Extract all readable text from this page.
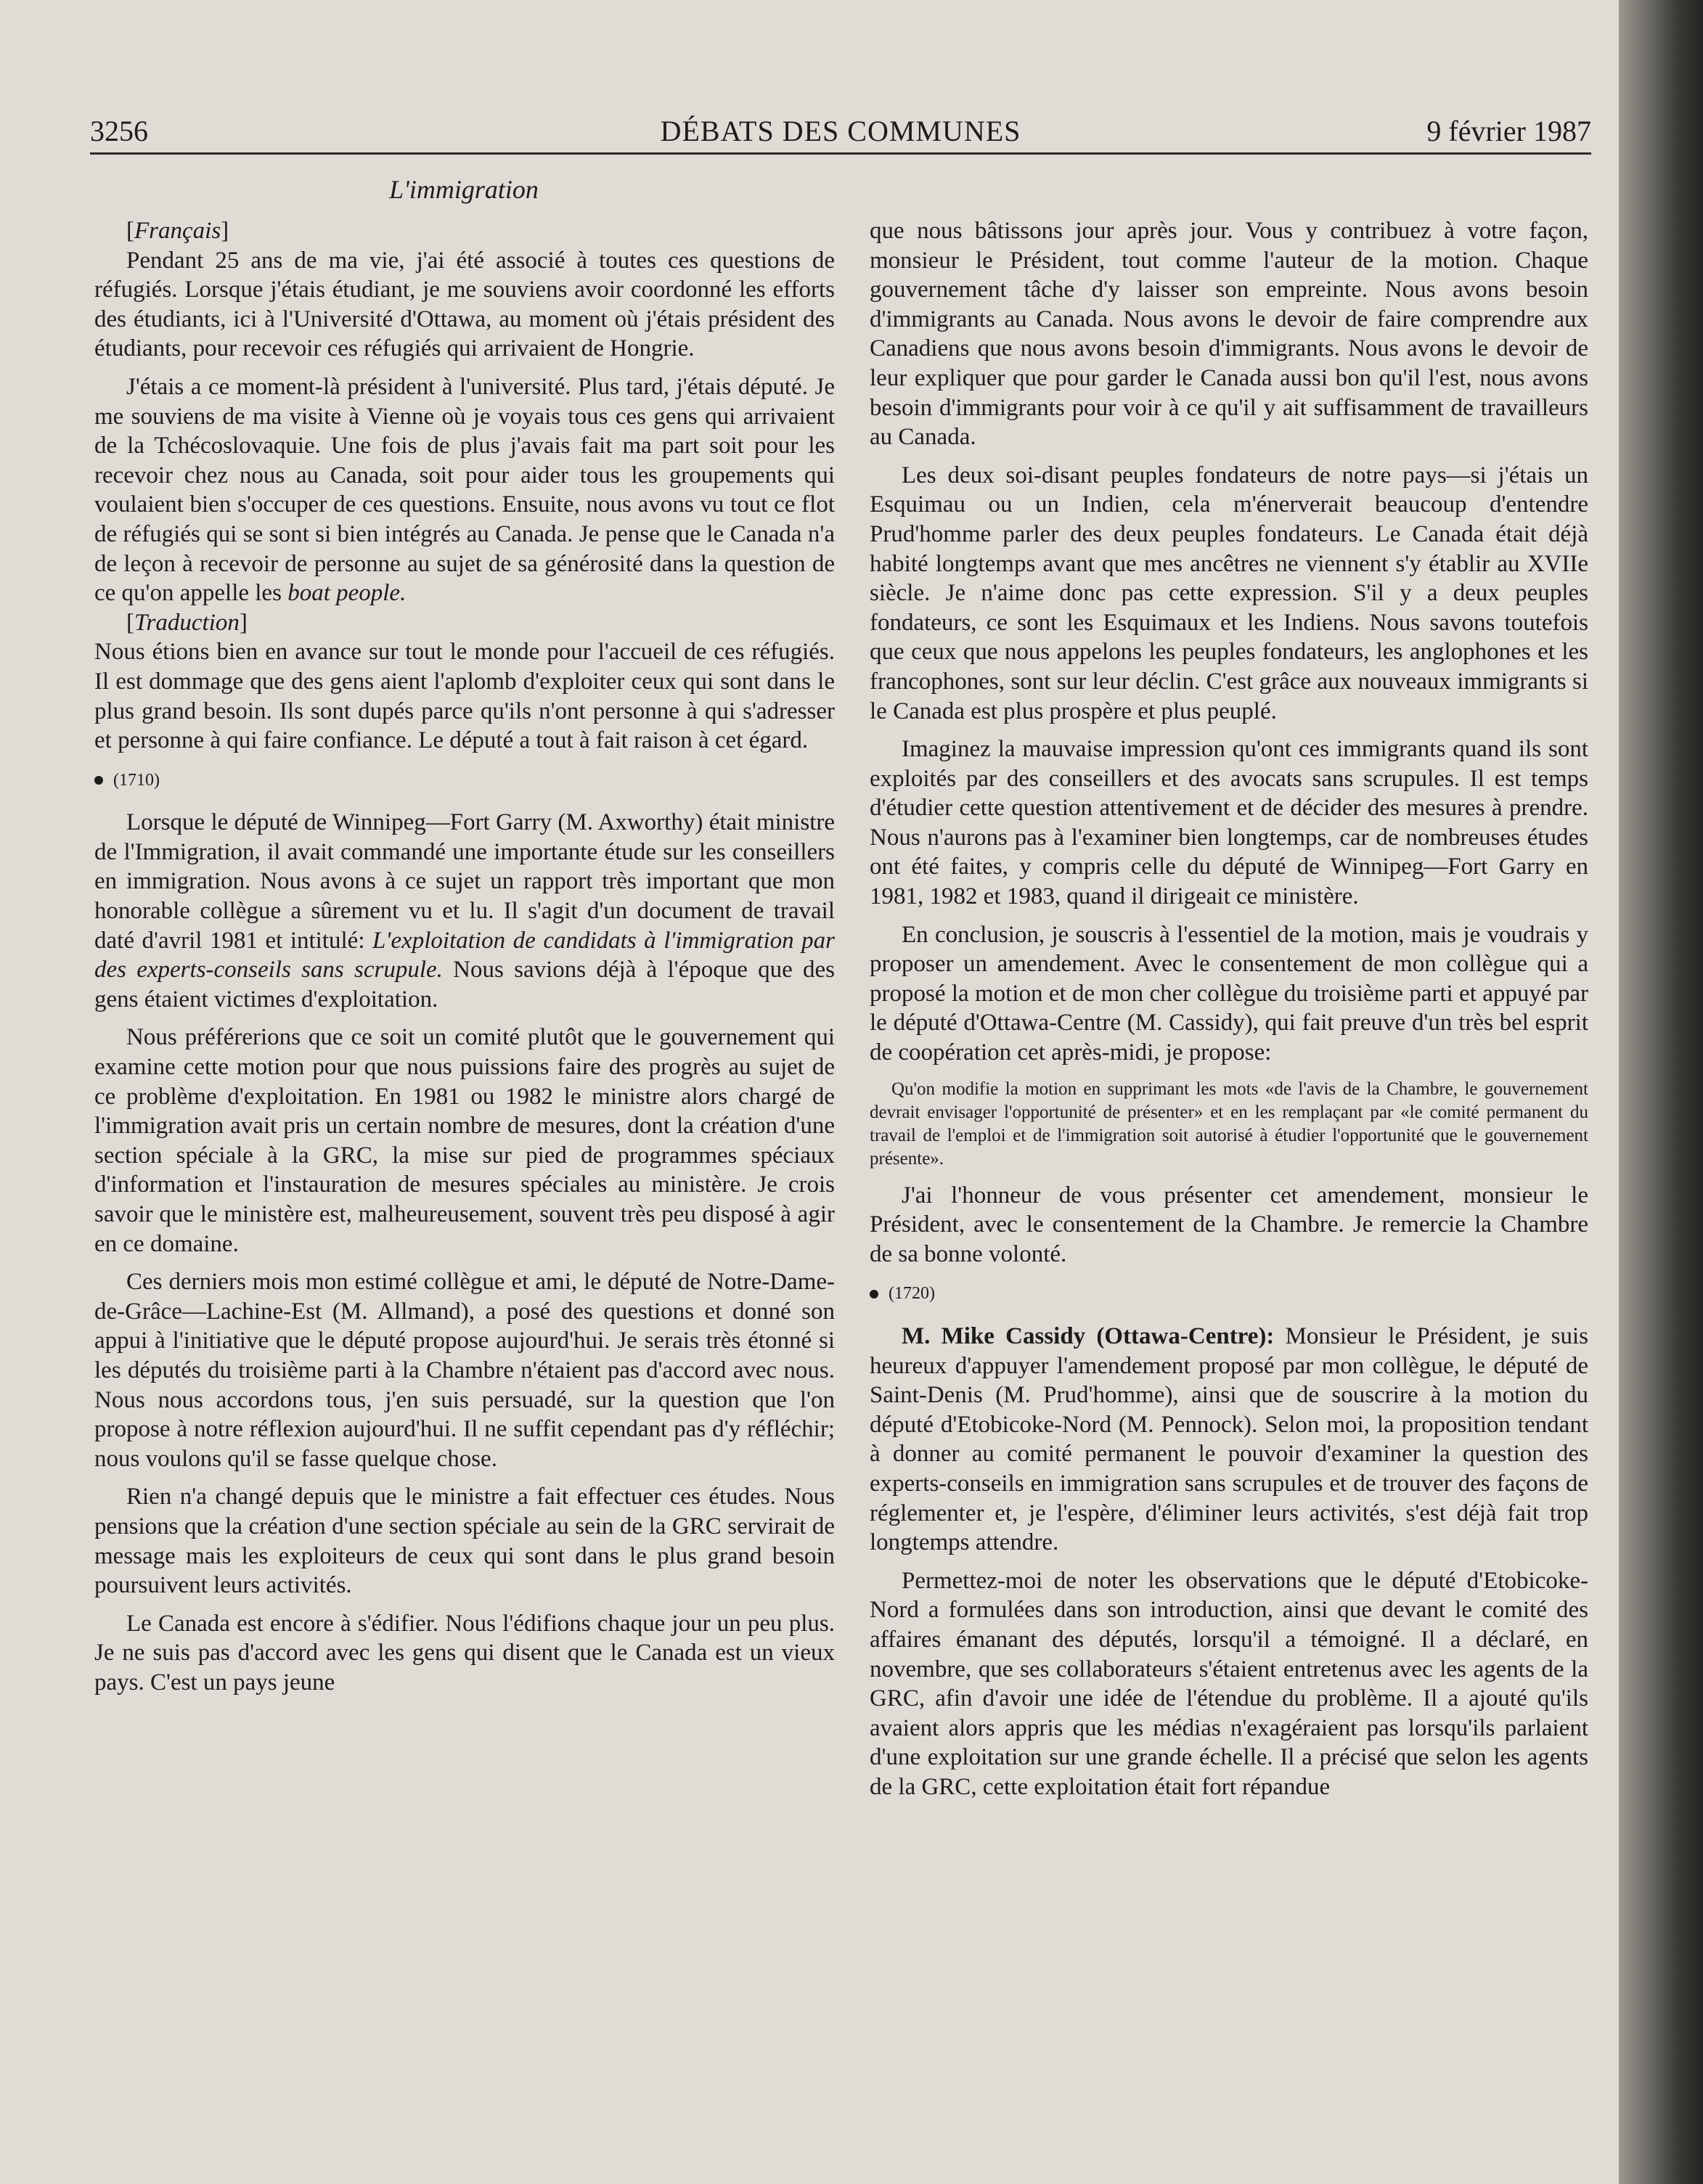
3256	DÉBATS DES COMMUNES	9 février 1987
L'immigration

[Français]

Pendant 25 ans de ma vie, j'ai été associé à toutes ces questions de réfugiés. Lorsque j'étais étudiant, je me souviens avoir coordonné les efforts des étudiants, ici à l'Université d'Ottawa, au moment où j'étais président des étudiants, pour recevoir ces réfugiés qui arrivaient de Hongrie.

J'étais a ce moment-là président à l'université. Plus tard, j'étais député. Je me souviens de ma visite à Vienne où je voyais tous ces gens qui arrivaient de la Tchécoslovaquie. Une fois de plus j'avais fait ma part soit pour les recevoir chez nous au Canada, soit pour aider tous les groupements qui voulaient bien s'occuper de ces questions. Ensuite, nous avons vu tout ce flot de réfugiés qui se sont si bien intégrés au Canada. Je pense que le Canada n'a de leçon à recevoir de personne au sujet de sa générosité dans la question de ce qu'on appelle les boat people.

[Traduction]

Nous étions bien en avance sur tout le monde pour l'accueil de ces réfugiés. Il est dommage que des gens aient l'aplomb d'exploiter ceux qui sont dans le plus grand besoin. Ils sont dupés parce qu'ils n'ont personne à qui s'adresser et personne à qui faire confiance. Le député a tout à fait raison à cet égard.

(1710)

Lorsque le député de Winnipeg—Fort Garry (M. Axworthy) était ministre de l'Immigration, il avait commandé une importante étude sur les conseillers en immigration. Nous avons à ce sujet un rapport très important que mon honorable collègue a sûrement vu et lu. Il s'agit d'un document de travail daté d'avril 1981 et intitulé: L'exploitation de candidats à l'immigration par des experts-conseils sans scrupule. Nous savions déjà à l'époque que des gens étaient victimes d'exploitation.

Nous préférerions que ce soit un comité plutôt que le gouvernement qui examine cette motion pour que nous puissions faire des progrès au sujet de ce problème d'exploitation. En 1981 ou 1982 le ministre alors chargé de l'immigration avait pris un certain nombre de mesures, dont la création d'une section spéciale à la GRC, la mise sur pied de programmes spéciaux d'information et l'instauration de mesures spéciales au ministère. Je crois savoir que le ministère est, malheureusement, souvent très peu disposé à agir en ce domaine.

Ces derniers mois mon estimé collègue et ami, le député de Notre-Dame-de-Grâce—Lachine-Est (M. Allmand), a posé des questions et donné son appui à l'initiative que le député propose aujourd'hui. Je serais très étonné si les députés du troisième parti à la Chambre n'étaient pas d'accord avec nous. Nous nous accordons tous, j'en suis persuadé, sur la question que l'on propose à notre réflexion aujourd'hui. Il ne suffit cependant pas d'y réfléchir; nous voulons qu'il se fasse quelque chose.

Rien n'a changé depuis que le ministre a fait effectuer ces études. Nous pensions que la création d'une section spéciale au sein de la GRC servirait de message mais les exploiteurs de ceux qui sont dans le plus grand besoin poursuivent leurs activités.

Le Canada est encore à s'édifier. Nous l'édifions chaque jour un peu plus. Je ne suis pas d'accord avec les gens qui disent que le Canada est un vieux pays. C'est un pays jeune

que nous bâtissons jour après jour. Vous y contribuez à votre façon, monsieur le Président, tout comme l'auteur de la motion. Chaque gouvernement tâche d'y laisser son empreinte. Nous avons besoin d'immigrants au Canada. Nous avons le devoir de faire comprendre aux Canadiens que nous avons besoin d'immigrants. Nous avons le devoir de leur expliquer que pour garder le Canada aussi bon qu'il l'est, nous avons besoin d'immigrants pour voir à ce qu'il y ait suffisamment de travailleurs au Canada.

Les deux soi-disant peuples fondateurs de notre pays—si j'étais un Esquimau ou un Indien, cela m'énerverait beaucoup d'entendre Prud'homme parler des deux peuples fondateurs. Le Canada était déjà habité longtemps avant que mes ancêtres ne viennent s'y établir au XVIIe siècle. Je n'aime donc pas cette expression. S'il y a deux peuples fondateurs, ce sont les Esquimaux et les Indiens. Nous savons toutefois que ceux que nous appelons les peuples fondateurs, les anglophones et les francophones, sont sur leur déclin. C'est grâce aux nouveaux immigrants si le Canada est plus prospère et plus peuplé.

Imaginez la mauvaise impression qu'ont ces immigrants quand ils sont exploités par des conseillers et des avocats sans scrupules. Il est temps d'étudier cette question attentivement et de décider des mesures à prendre. Nous n'aurons pas à l'examiner bien longtemps, car de nombreuses études ont été faites, y compris celle du député de Winnipeg—Fort Garry en 1981, 1982 et 1983, quand il dirigeait ce ministère.

En conclusion, je souscris à l'essentiel de la motion, mais je voudrais y proposer un amendement. Avec le consentement de mon collègue qui a proposé la motion et de mon cher collègue du troisième parti et appuyé par le député d'Ottawa-Centre (M. Cassidy), qui fait preuve d'un très bel esprit de coopération cet après-midi, je propose:

Qu'on modifie la motion en supprimant les mots «de l'avis de la Chambre, le gouvernement devrait envisager l'opportunité de présenter» et en les remplaçant par «le comité permanent du travail de l'emploi et de l'immigration soit autorisé à étudier l'opportunité que le gouvernement présente».

J'ai l'honneur de vous présenter cet amendement, monsieur le Président, avec le consentement de la Chambre. Je remercie la Chambre de sa bonne volonté.

(1720)

M. Mike Cassidy (Ottawa-Centre): Monsieur le Président, je suis heureux d'appuyer l'amendement proposé par mon collègue, le député de Saint-Denis (M. Prud'homme), ainsi que de souscrire à la motion du député d'Etobicoke-Nord (M. Pennock). Selon moi, la proposition tendant à donner au comité permanent le pouvoir d'examiner la question des experts-conseils en immigration sans scrupules et de trouver des façons de réglementer et, je l'espère, d'éliminer leurs activités, s'est déjà fait trop longtemps attendre.

Permettez-moi de noter les observations que le député d'Etobicoke-Nord a formulées dans son introduction, ainsi que devant le comité des affaires émanant des députés, lorsqu'il a témoigné. Il a déclaré, en novembre, que ses collaborateurs s'étaient entretenus avec les agents de la GRC, afin d'avoir une idée de l'étendue du problème. Il a ajouté qu'ils avaient alors appris que les médias n'exagéraient pas lorsqu'ils parlaient d'une exploitation sur une grande échelle. Il a précisé que selon les agents de la GRC, cette exploitation était fort répandue
